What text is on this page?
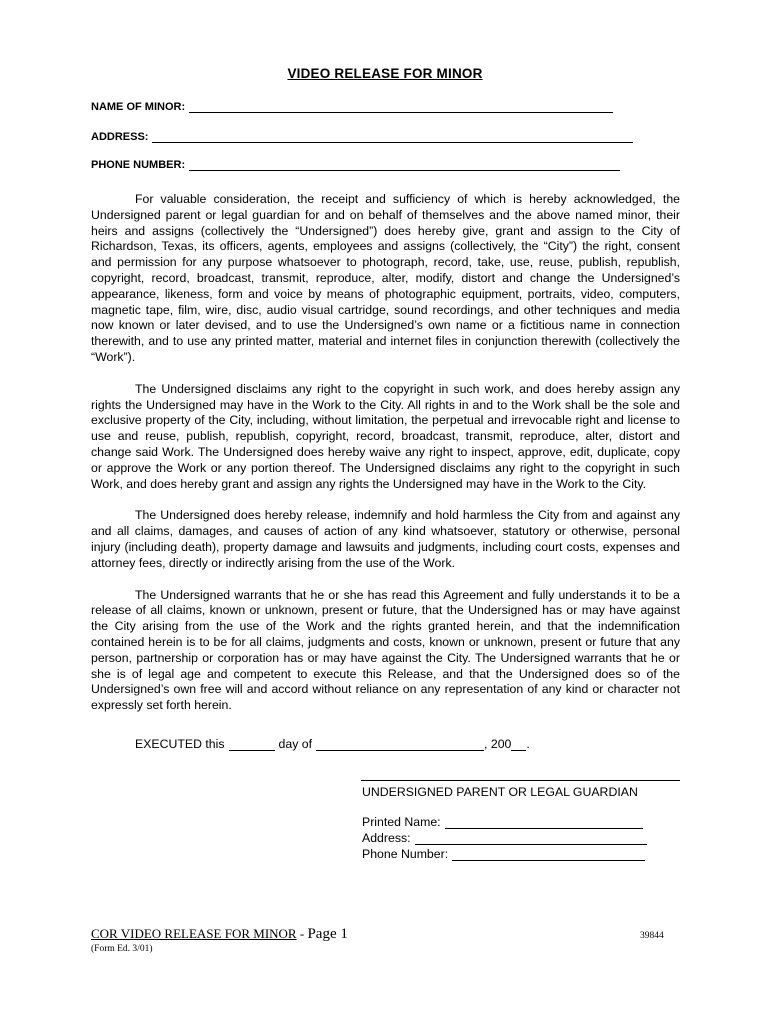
VIDEO RELEASE FOR MINOR
NAME OF MINOR:
ADDRESS:
PHONE NUMBER:

For valuable consideration, the receipt and sufficiency of which is hereby acknowledged, the Undersigned parent or legal guardian for and on behalf of themselves and the above named minor, their heirs and assigns (collectively the “Undersigned”) does hereby give, grant and assign to the City of Richardson, Texas, its officers, agents, employees and assigns (collectively, the “City”) the right, consent and permission for any purpose whatsoever to photograph, record, take, use, reuse, publish, republish, copyright, record, broadcast, transmit, reproduce, alter, modify, distort and change the Undersigned’s appearance, likeness, form and voice by means of photographic equipment, portraits, video, computers, magnetic tape, film, wire, disc, audio visual cartridge, sound recordings, and other techniques and media now known or later devised, and to use the Undersigned’s own name or a fictitious name in connection therewith, and to use any printed matter, material and internet files in conjunction therewith (collectively the “Work”).

The Undersigned disclaims any right to the copyright in such work, and does hereby assign any rights the Undersigned may have in the Work to the City. All rights in and to the Work shall be the sole and exclusive property of the City, including, without limitation, the perpetual and irrevocable right and license to use and reuse, publish, republish, copyright, record, broadcast, transmit, reproduce, alter, distort and change said Work. The Undersigned does hereby waive any right to inspect, approve, edit, duplicate, copy or approve the Work or any portion thereof. The Undersigned disclaims any right to the copyright in such Work, and does hereby grant and assign any rights the Undersigned may have in the Work to the City.

The Undersigned does hereby release, indemnify and hold harmless the City from and against any and all claims, damages, and causes of action of any kind whatsoever, statutory or otherwise, personal injury (including death), property damage and lawsuits and judgments, including court costs, expenses and attorney fees, directly or indirectly arising from the use of the Work.

The Undersigned warrants that he or she has read this Agreement and fully understands it to be a release of all claims, known or unknown, present or future, that the Undersigned has or may have against the City arising from the use of the Work and the rights granted herein, and that the indemnification contained herein is to be for all claims, judgments and costs, known or unknown, present or future that any person, partnership or corporation has or may have against the City. The Undersigned warrants that he or she is of legal age and competent to execute this Release, and that the Undersigned does so of the Undersigned’s own free will and accord without reliance on any representation of any kind or character not expressly set forth herein.

EXECUTED this	day of	, 200 .
UNDERSIGNED PARENT OR LEGAL GUARDIAN
Printed Name:
Address:
Phone Number:
COR VIDEO RELEASE FOR MINOR - Page 1
(Form Ed. 3/01)
39844
